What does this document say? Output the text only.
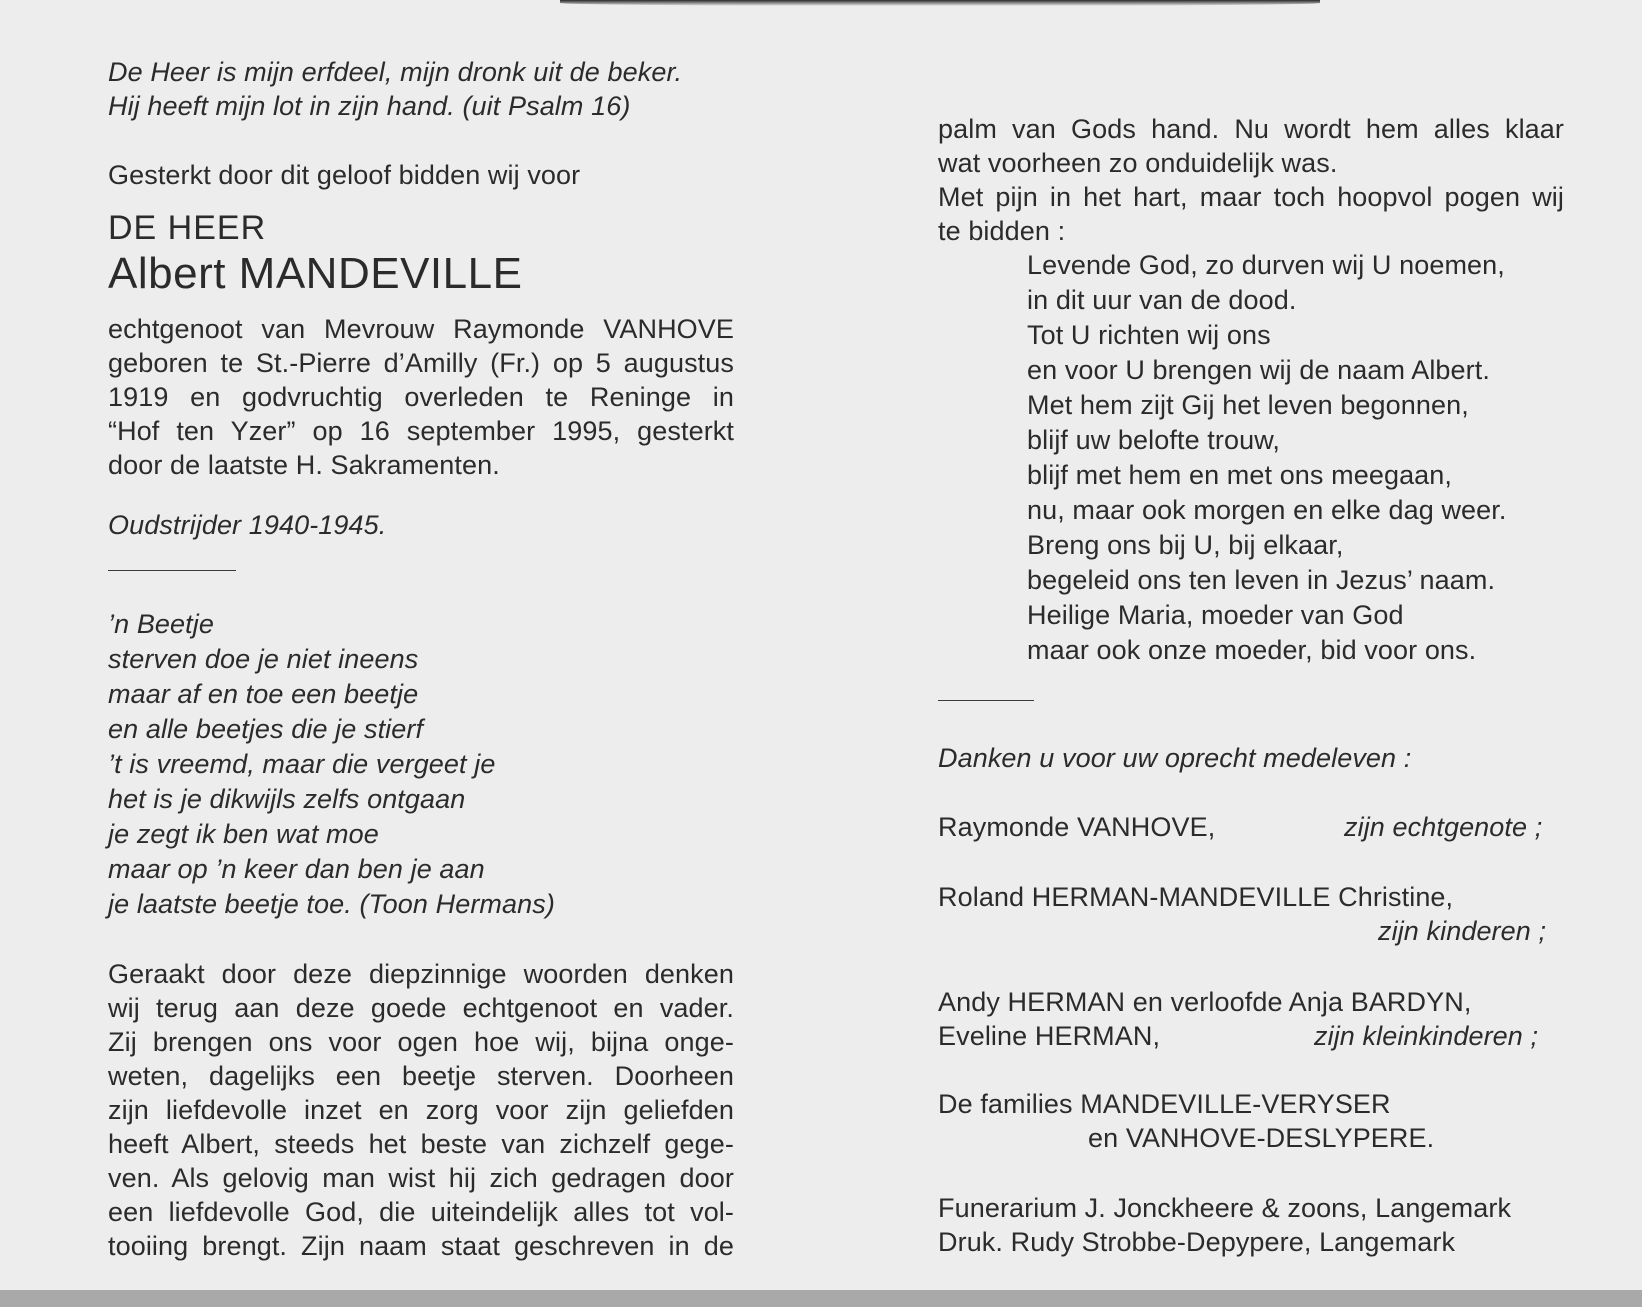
De Heer is mijn erfdeel, mijn dronk uit de beker.
Hij heeft mijn lot in zijn hand. (uit Psalm 16)
Gesterkt door dit geloof bidden wij voor
DE HEER
Albert MANDEVILLE
echtgenoot van Mevrouw Raymonde VANHOVE
geboren te St.-Pierre d’Amilly (Fr.) op 5 augustus
1919 en godvruchtig overleden te Reninge in
“Hof ten Yzer” op 16 september 1995, gesterkt
door de laatste H. Sakramenten.
Oudstrijder 1940-1945.
’n Beetje
sterven doe je niet ineens
maar af en toe een beetje
en alle beetjes die je stierf
’t is vreemd, maar die vergeet je
het is je dikwijls zelfs ontgaan
je zegt ik ben wat moe
maar op ’n keer dan ben je aan
je laatste beetje toe. (Toon Hermans)
Geraakt door deze diepzinnige woorden denken
wij terug aan deze goede echtgenoot en vader.
Zij brengen ons voor ogen hoe wij, bijna onge-
weten, dagelijks een beetje sterven. Doorheen
zijn liefdevolle inzet en zorg voor zijn geliefden
heeft Albert, steeds het beste van zichzelf gege-
ven. Als gelovig man wist hij zich gedragen door
een liefdevolle God, die uiteindelijk alles tot vol-
tooiing brengt. Zijn naam staat geschreven in de
palm van Gods hand. Nu wordt hem alles klaar
wat voorheen zo onduidelijk was.
Met pijn in het hart, maar toch hoopvol pogen wij
te bidden :
Levende God, zo durven wij U noemen,
in dit uur van de dood.
Tot U richten wij ons
en voor U brengen wij de naam Albert.
Met hem zijt Gij het leven begonnen,
blijf uw belofte trouw,
blijf met hem en met ons meegaan,
nu, maar ook morgen en elke dag weer.
Breng ons bij U, bij elkaar,
begeleid ons ten leven in Jezus’ naam.
Heilige Maria, moeder van God
maar ook onze moeder, bid voor ons.
Danken u voor uw oprecht medeleven :
Raymonde VANHOVE,	zijn echtgenote ;
Roland HERMAN-MANDEVILLE Christine,
zijn kinderen ;
Andy HERMAN en verloofde Anja BARDYN,
Eveline HERMAN,	zijn kleinkinderen ;
De families MANDEVILLE-VERYSER
en VANHOVE-DESLYPERE.
Funerarium J. Jonckheere & zoons, Langemark
Druk. Rudy Strobbe-Depypere, Langemark
